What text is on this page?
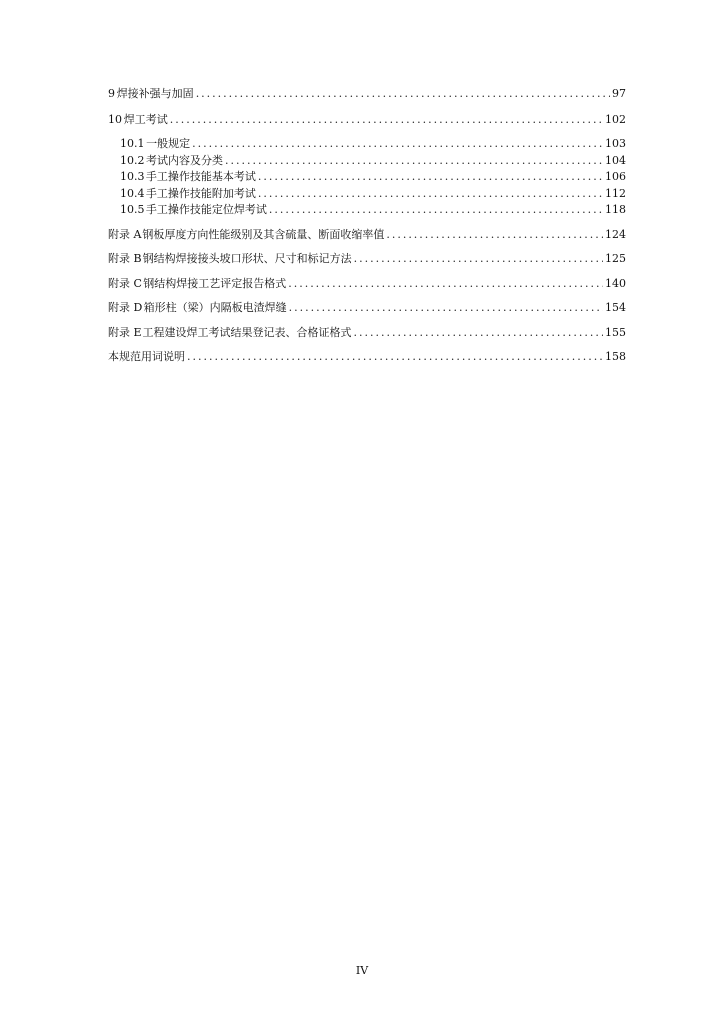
9 焊接补强与加固 .....	97
10 焊工考试 .....	102
10.1 一般规定 .....	103
10.2 考试内容及分类 .....	104
10.3 手工操作技能基本考试 .....	106
10.4 手工操作技能附加考试 .....	112
10.5 手工操作技能定位焊考试 .....	118
附录 A 钢板厚度方向性能级别及其含硫量、断面收缩率值 .....	124
附录 B 钢结构焊接接头坡口形状、尺寸和标记方法 .....	125
附录 C 钢结构焊接工艺评定报告格式 .....	140
附录 D 箱形柱（梁）内隔板电渣焊缝 .....	154
附录 E 工程建设焊工考试结果登记表、合格证格式 .....	155
本规范用词说明 .....	158
IV
